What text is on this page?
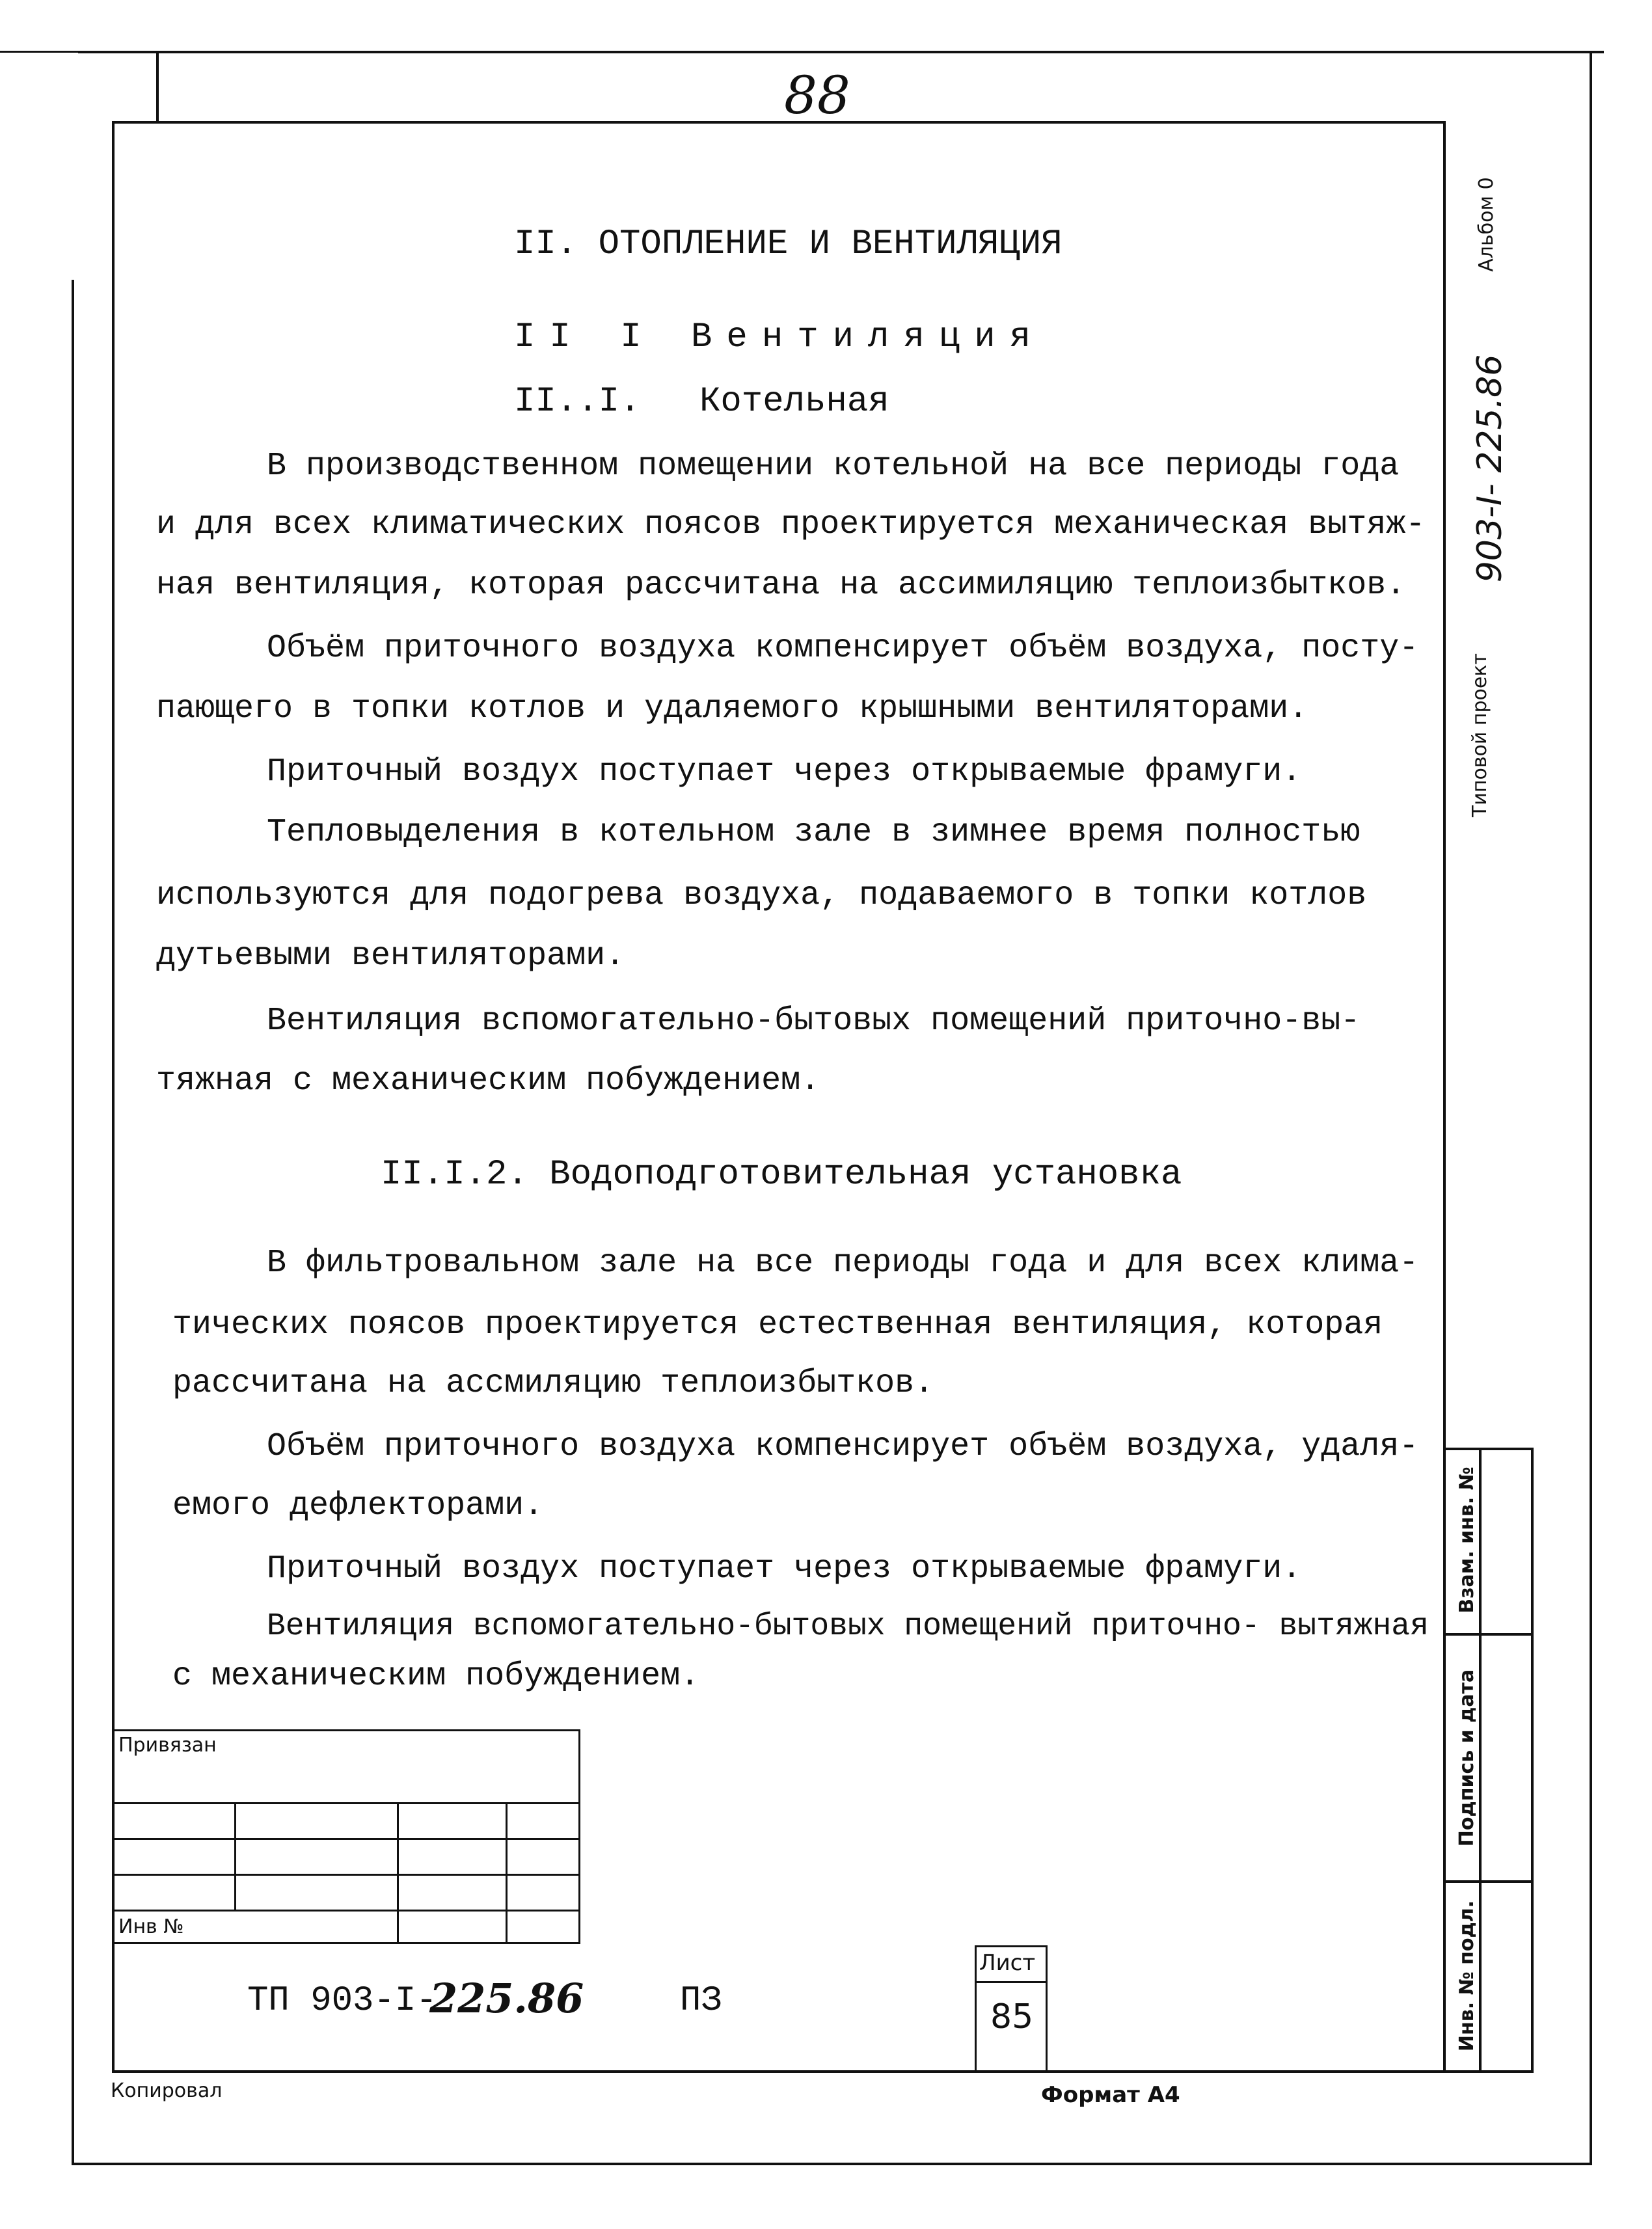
88
II. ОТОПЛЕНИЕ И ВЕНТИЛЯЦИЯ
II I Вентиляция
II..I. Котельная
В производственном помещении котельной на все периоды года
и для всех климатических поясов проектируется механическая вытяж-
ная вентиляция, которая рассчитана на ассимиляцию теплоизбытков.
Объём приточного воздуха компенсирует объём воздуха, посту-
пающего в топки котлов и удаляемого крышными вентиляторами.
Приточный воздух поступает через открываемые фрамуги.
Тепловыделения в котельном зале в зимнее время полностью
используются для подогрева воздуха, подаваемого в топки котлов
дутьевыми вентиляторами.
Вентиляция вспомогательно-бытовых помещений приточно-вы-
тяжная с механическим побуждением.
II.I.2. Водоподготовительная установка
В фильтровальном зале на все периоды года и для всех клима-
тических поясов проектируется естественная вентиляция, которая
рассчитана на ассмиляцию теплоизбытков.
Объём приточного воздуха компенсирует объём воздуха, удаля-
емого дефлекторами.
Приточный воздух поступает через открываемые фрамуги.
Вентиляция вспомогательно-бытовых помещений приточно- вытяжная
с механическим побуждением.
Альбом 0
903-I- 225.86
Типовой проект
Взам. инв. №
Подпись и дата
Инв. № подл.
Привязан
Инв №
ТП 903-I-
225.86	ПЗ
Лист
85
Копировал	Формат А4
